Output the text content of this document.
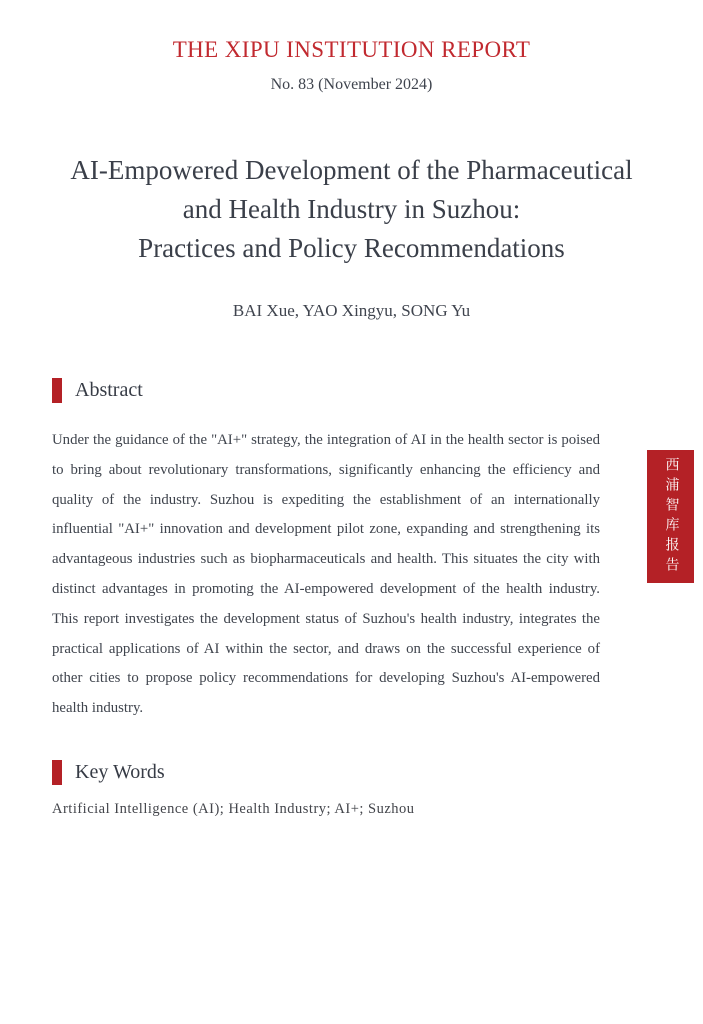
THE XIPU INSTITUTION REPORT
No. 83 (November 2024)
AI-Empowered Development of the Pharmaceutical
and Health Industry in Suzhou:
Practices and Policy Recommendations
BAI Xue, YAO Xingyu, SONG Yu
Abstract
Under the guidance of the "AI+" strategy, the integration of AI in the health sector is poised to bring about revolutionary transformations, significantly enhancing the efficiency and quality of the industry. Suzhou is expediting the establishment of an internationally influential "AI+" innovation and development pilot zone, expanding and strengthening its advantageous industries such as biopharmaceuticals and health. This situates the city with distinct advantages in promoting the AI-empowered development of the health industry. This report investigates the development status of Suzhou's health industry, integrates the practical applications of AI within the sector, and draws on the successful experience of other cities to propose policy recommendations for developing Suzhou's AI-empowered health industry.
Key Words
Artificial Intelligence (AI); Health Industry; AI+; Suzhou
西浦智库报告
